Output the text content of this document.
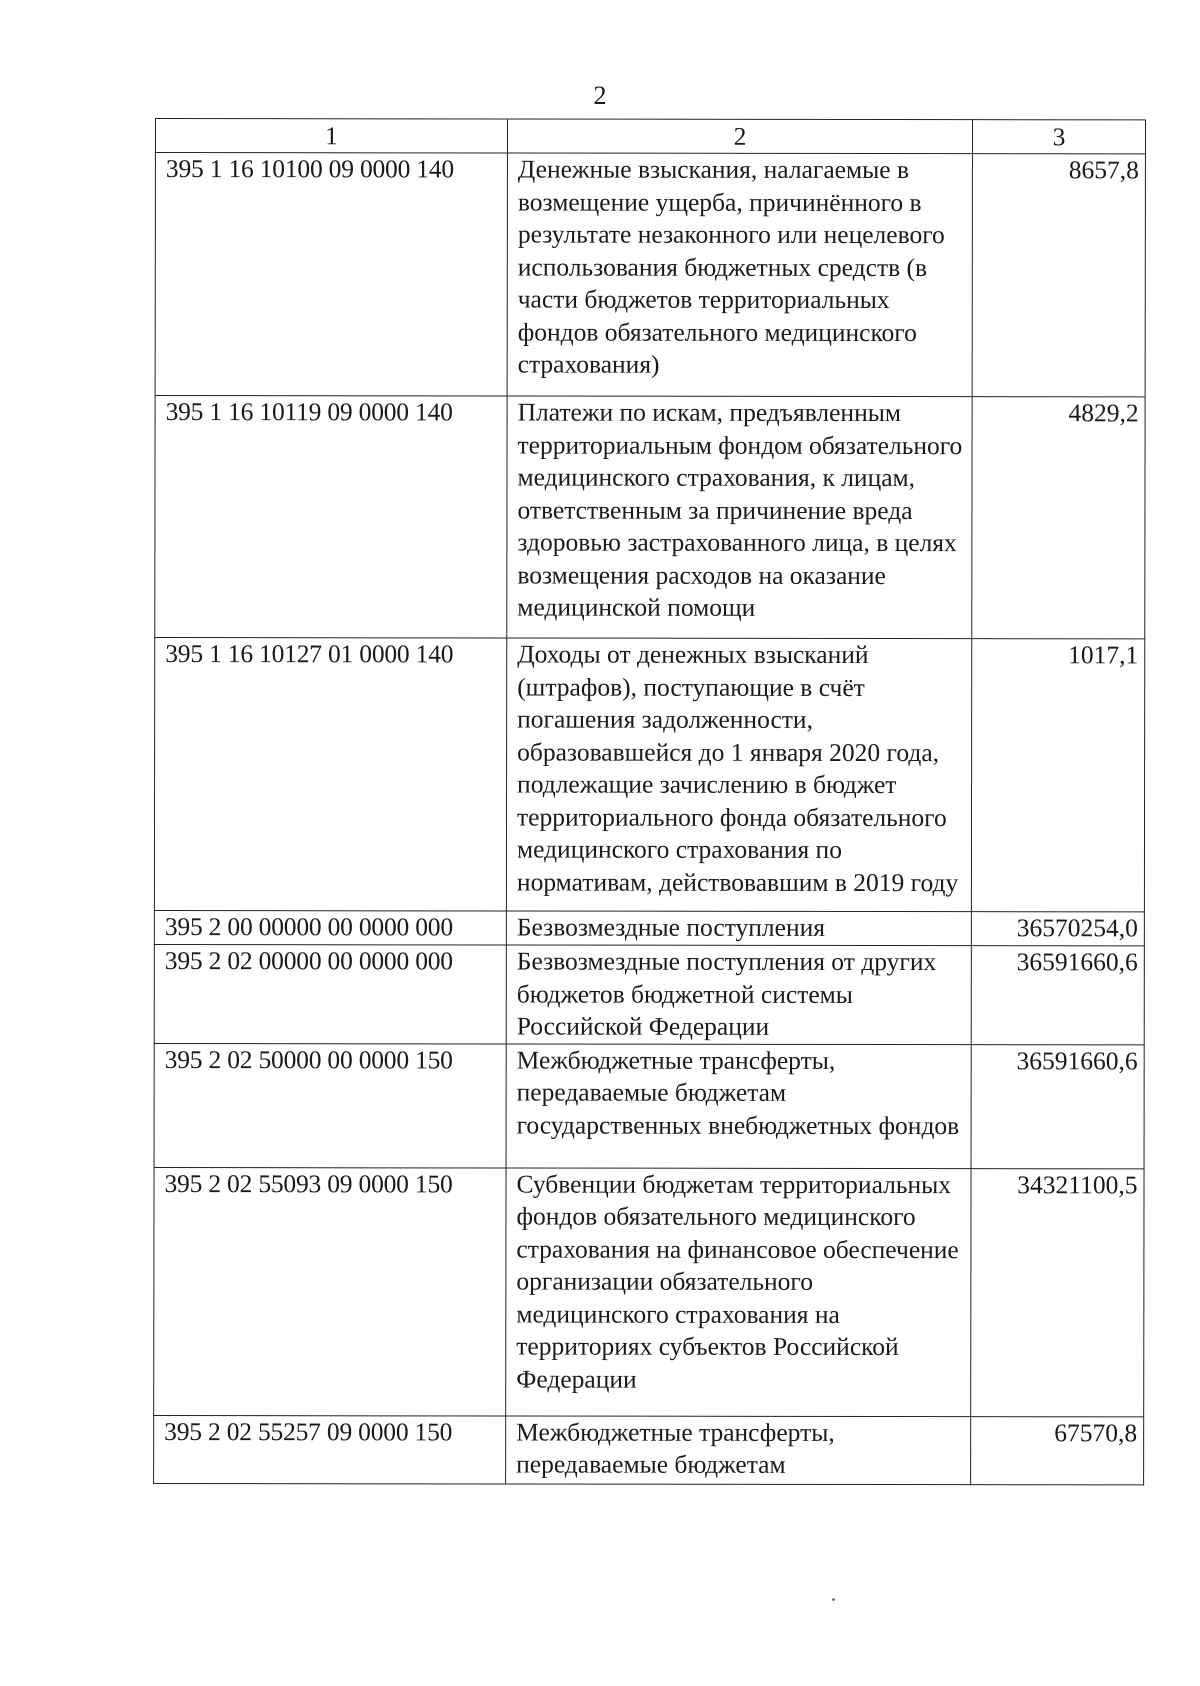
2
1	2	3
395 1 16 10100 09 0000 140	Денежные взыскания, налагаемые в возмещение ущерба, причинённого в результате незаконного или нецелевого использования бюджетных средств (в части бюджетов территориальных фондов обязательного медицинского страхования)	8657,8
395 1 16 10119 09 0000 140	Платежи по искам, предъявленным территориальным фондом обязательного медицинского страхования, к лицам, ответственным за причинение вреда здоровью застрахованного лица, в целях возмещения расходов на оказание медицинской помощи	4829,2
395 1 16 10127 01 0000 140	Доходы от денежных взысканий (штрафов), поступающие в счёт погашения задолженности, образовавшейся до 1 января 2020 года, подлежащие зачислению в бюджет территориального фонда обязательного медицинского страхования по нормативам, действовавшим в 2019 году	1017,1
395 2 00 00000 00 0000 000	Безвозмездные поступления	36570254,0
395 2 02 00000 00 0000 000	Безвозмездные поступления от других бюджетов бюджетной системы Российской Федерации	36591660,6
395 2 02 50000 00 0000 150	Межбюджетные трансферты, передаваемые бюджетам государственных внебюджетных фондов	36591660,6
395 2 02 55093 09 0000 150	Субвенции бюджетам территориальных фондов обязательного медицинского страхования на финансовое обеспечение организации обязательного медицинского страхования на территориях субъектов Российской Федерации	34321100,5
395 2 02 55257 09 0000 150	Межбюджетные трансферты, передаваемые бюджетам	67570,8
